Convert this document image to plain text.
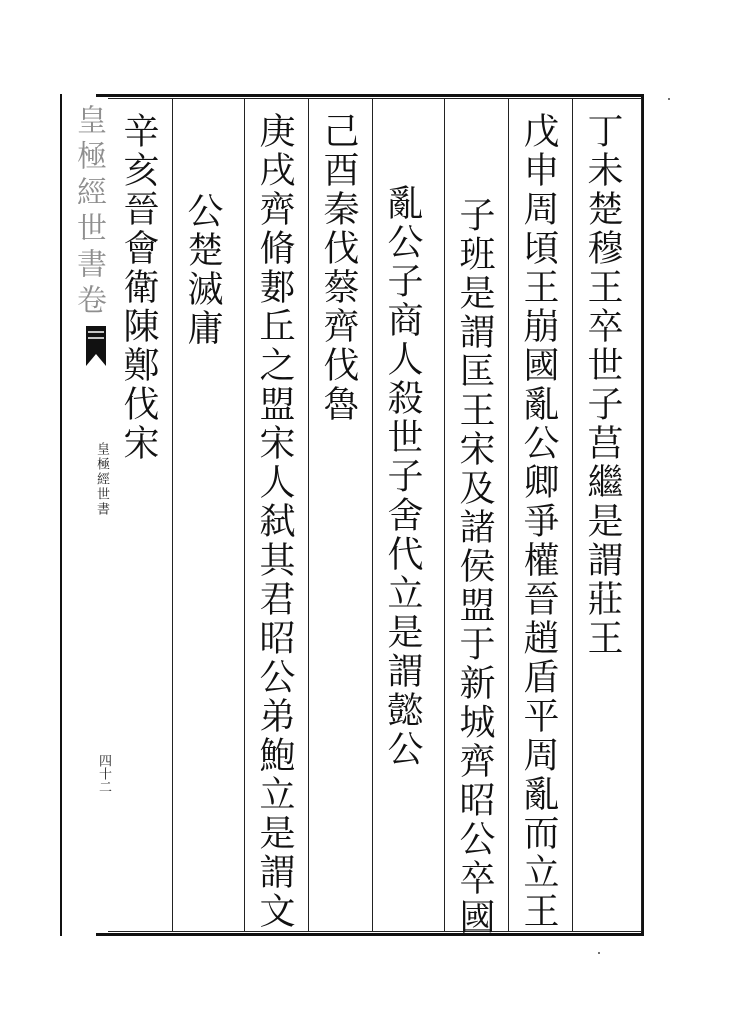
皇極經世書卷
皇極經世書
四十二
丁未楚穆王卒世子莒繼是謂莊王
戊申周頃王崩國亂公卿爭權晉趙盾平周亂而立王
子班是謂匡王宋及諸侯盟于新城齊昭公卒國
亂公子商人殺世子舍代立是謂懿公
己酉秦伐蔡齊伐魯
庚戌齊脩郪丘之盟宋人弑其君昭公弟鮑立是謂文
公楚滅庸
辛亥晉會衛陳鄭伐宋
